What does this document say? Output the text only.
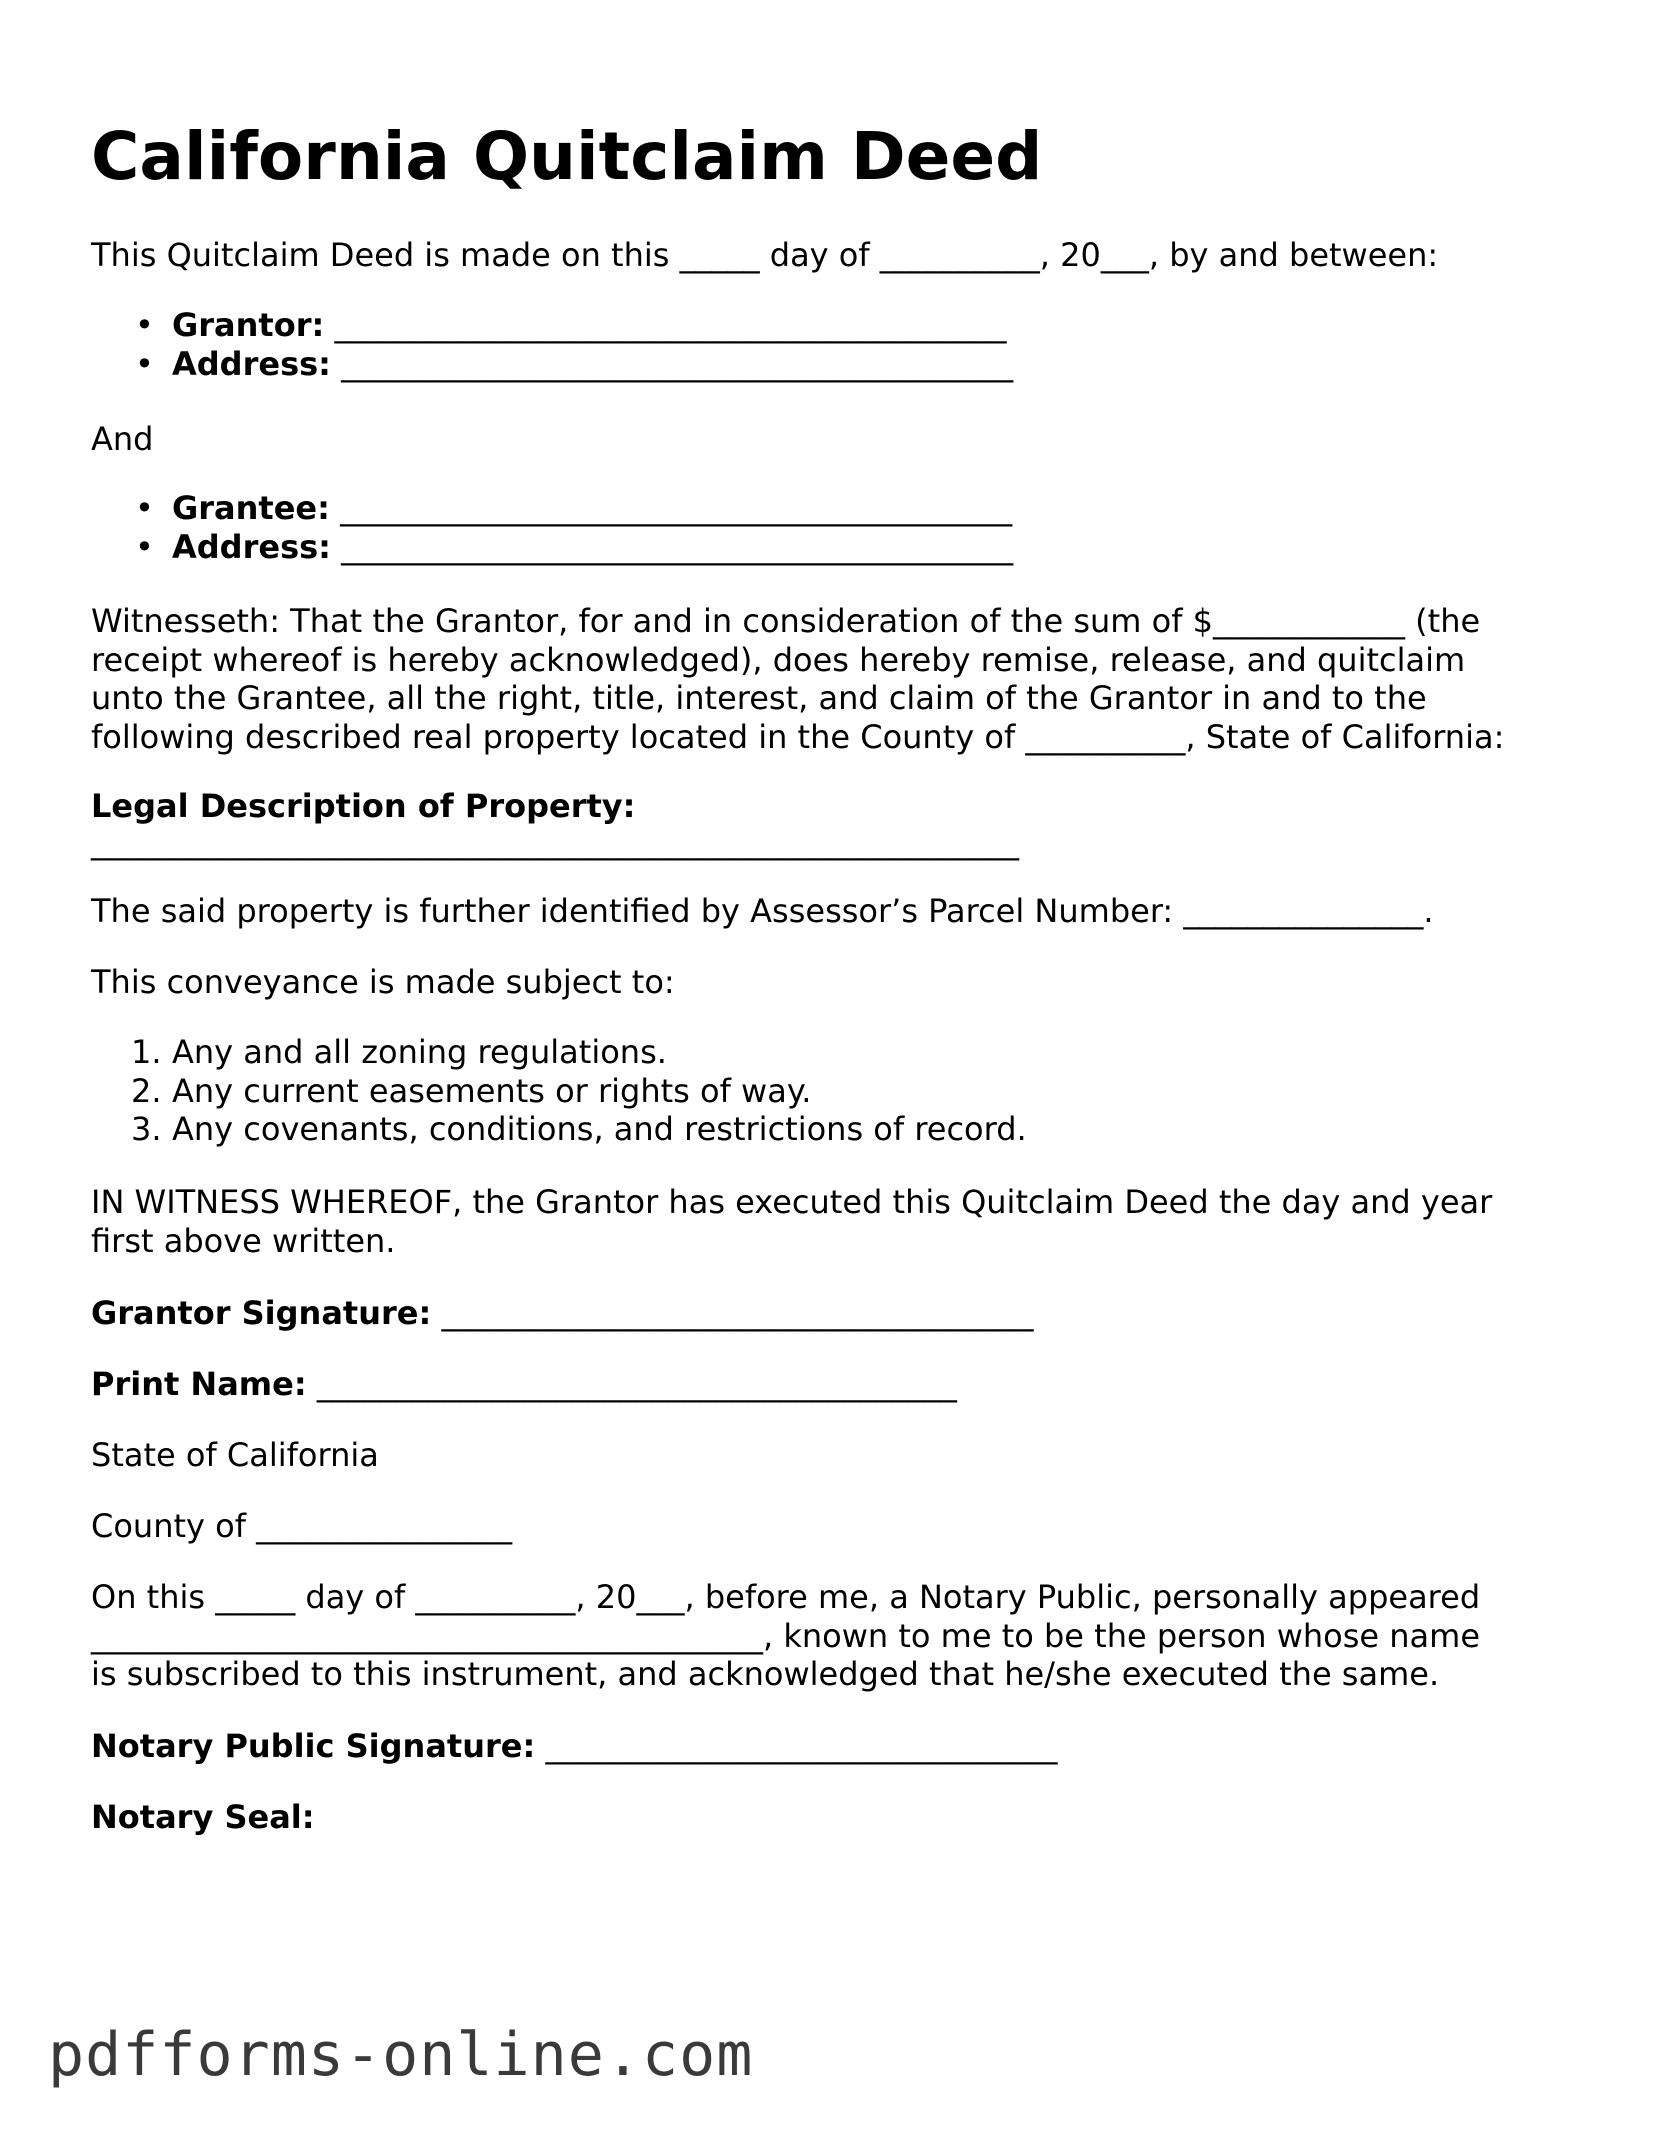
California Quitclaim Deed
This Quitclaim Deed is made on this _____ day of __________, 20___, by and between:
• Grantor: __________________________________________
• Address: __________________________________________
And
• Grantee: __________________________________________
• Address: __________________________________________
Witnesseth: That the Grantor, for and in consideration of the sum of $____________ (the
receipt whereof is hereby acknowledged), does hereby remise, release, and quitclaim
unto the Grantee, all the right, title, interest, and claim of the Grantor in and to the
following described real property located in the County of __________, State of California:
Legal Description of Property:
__________________________________________________________
The said property is further identified by Assessor’s Parcel Number: _______________.
This conveyance is made subject to:
1. Any and all zoning regulations.
2. Any current easements or rights of way.
3. Any covenants, conditions, and restrictions of record.
IN WITNESS WHEREOF, the Grantor has executed this Quitclaim Deed the day and year
first above written.
Grantor Signature: _____________________________________
Print Name: ________________________________________
State of California
County of ________________
On this _____ day of __________, 20___, before me, a Notary Public, personally appeared
__________________________________________, known to me to be the person whose name
is subscribed to this instrument, and acknowledged that he/she executed the same.
Notary Public Signature: ________________________________
Notary Seal:
pdfforms-online.com
